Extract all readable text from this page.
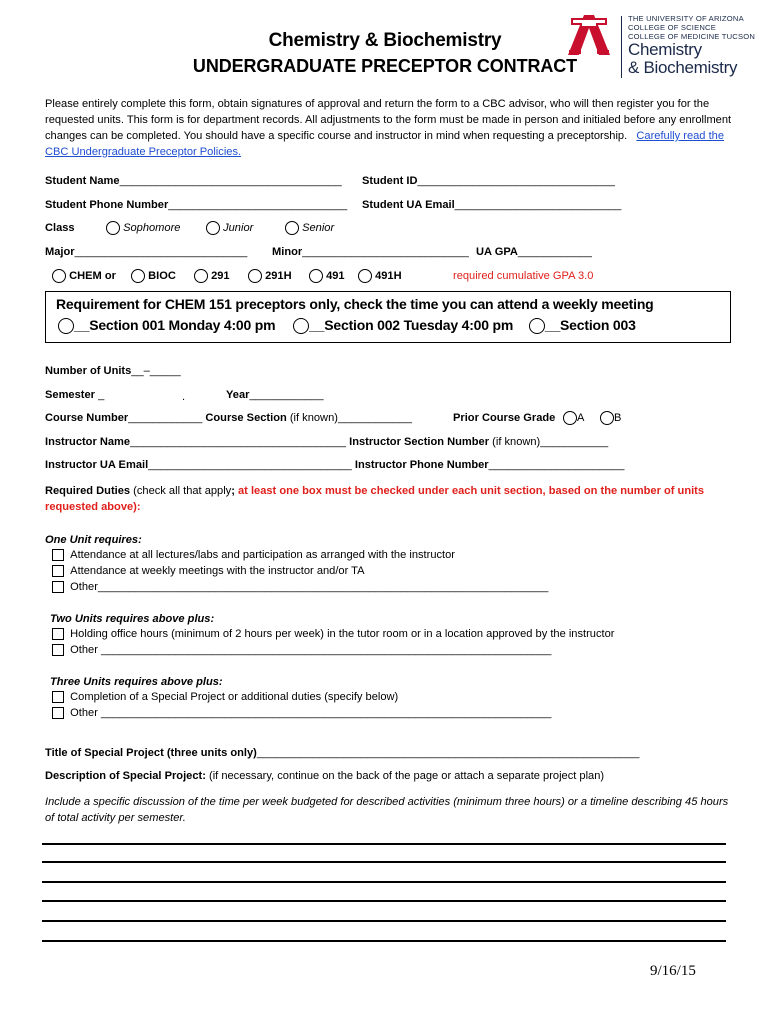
Chemistry & Biochemistry
UNDERGRADUATE PRECEPTOR CONTRACT
THE UNIVERSITY OF ARIZONA
COLLEGE OF SCIENCE
COLLEGE OF MEDICINE TUCSON
Chemistry
& Biochemistry
Please entirely complete this form, obtain signatures of approval and return the form to a CBC advisor, who will then register you for the requested units. This form is for department records. All adjustments to the form must be made in person and initialed before any enrollment changes can be completed. You should have a specific course and instructor in mind when requesting a preceptorship. Carefully read the CBC Undergraduate Preceptor Policies.
Student Name____________________________________ Student ID________________________________
Student Phone Number_____________________________ Student UA Email___________________________
Class	Sophomore	Junior	Senior
Major____________________________ Minor___________________________ UA GPA____________
CHEM or	BIOC	291	291H	491	491H	required cumulative GPA 3.0
Requirement for CHEM 151 preceptors only, check the time you can attend a weekly meeting
__Section 001 Monday 4:00 pm __Section 002 Tuesday 4:00 pm __Section 003
Number of Units__–_____
Semester _	.	Year____________
Course Number____________ Course Section (if known)____________	Prior Course Grade	A	B
Instructor Name___________________________________ Instructor Section Number (if known)___________
Instructor UA Email_________________________________ Instructor Phone Number______________________
Required Duties (check all that apply; at least one box must be checked under each unit section, based on the number of units requested above):
One Unit requires:
Attendance at all lectures/labs and participation as arranged with the instructor
Attendance at weekly meetings with the instructor and/or TA
Other_________________________________________________________________________
Two Units requires above plus:
Holding office hours (minimum of 2 hours per week) in the tutor room or in a location approved by the instructor
Other _________________________________________________________________________
Three Units requires above plus:
Completion of a Special Project or additional duties (specify below)
Other _________________________________________________________________________
Title of Special Project (three units only)______________________________________________________________
Description of Special Project: (if necessary, continue on the back of the page or attach a separate project plan)
Include a specific discussion of the time per week budgeted for described activities (minimum three hours) or a timeline describing 45 hours of total activity per semester.
9/16/15
